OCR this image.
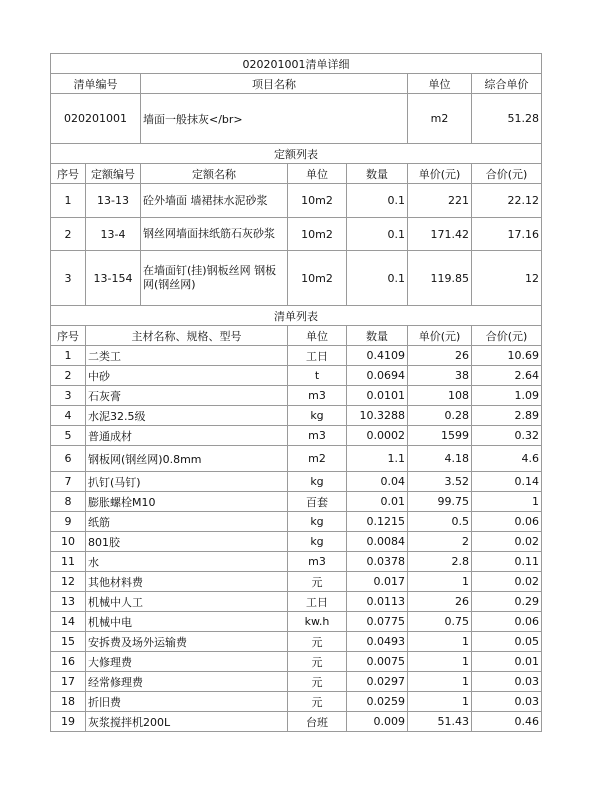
020201001清单详细						
清单编号		项目名称			单位	综合单价
020201001		墙面一般抹灰</br>			m2	51.28
定额列表						
序号	定额编号	定额名称	单位	数量	单价(元)	合价(元)
1	13-13	砼外墙面 墙裙抹水泥砂浆	10m2	0.1	221	22.12
2	13-4	钢丝网墙面抹纸筋石灰砂浆	10m2	0.1	171.42	17.16
3	13-154	在墙面钉(挂)钢板丝网 钢板网(钢丝网)	10m2	0.1	119.85	12
清单列表						
序号	主材名称、规格、型号		单位	数量	单价(元)	合价(元)
1	二类工		工日	0.4109	26	10.69
2	中砂		t	0.0694	38	2.64
3	石灰膏		m3	0.0101	108	1.09
4	水泥32.5级		kg	10.3288	0.28	2.89
5	普通成材		m3	0.0002	1599	0.32
6	钢板网(钢丝网)0.8mm		m2	1.1	4.18	4.6
7	扒钉(马钉)		kg	0.04	3.52	0.14
8	膨胀螺栓M10		百套	0.01	99.75	1
9	纸筋		kg	0.1215	0.5	0.06
10	801胶		kg	0.0084	2	0.02
11	水		m3	0.0378	2.8	0.11
12	其他材料费		元	0.017	1	0.02
13	机械中人工		工日	0.0113	26	0.29
14	机械中电		kw.h	0.0775	0.75	0.06
15	安拆费及场外运输费		元	0.0493	1	0.05
16	大修理费		元	0.0075	1	0.01
17	经常修理费		元	0.0297	1	0.03
18	折旧费		元	0.0259	1	0.03
19	灰浆搅拌机200L		台班	0.009	51.43	0.46
